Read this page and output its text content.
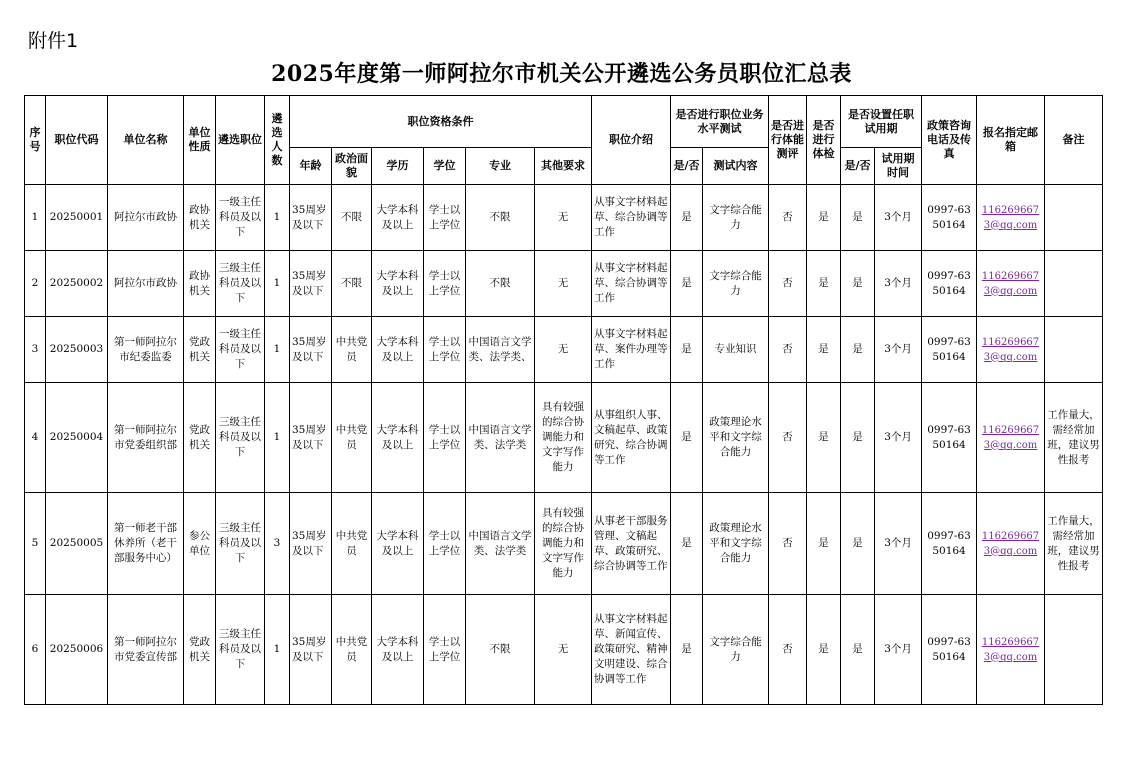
附件1
2025年度第一师阿拉尔市机关公开遴选公务员职位汇总表
序号	职位代码	单位名称	单位性质	遴选职位	遴选人数	职位资格条件						职位介绍	是否进行职位业务水平测试		是否进行体能测评	是否进行体检	是否设置任职试用期		政策咨询电话及传真	报名指定邮箱	备注
						年龄	政治面貌	学历	学位	专业	其他要求		是/否	测试内容			是/否	试用期时间			
1	20250001	阿拉尔市政协	政协机关	一级主任科员及以下	1	35周岁及以下	不限	大学本科及以上	学士以上学位	不限	无	从事文字材料起草、综合协调等工作	是	文字综合能力	否	是	是	3个月	0997-6350164	1162696673@qq.com	
2	20250002	阿拉尔市政协	政协机关	三级主任科员及以下	1	35周岁及以下	不限	大学本科及以上	学士以上学位	不限	无	从事文字材料起草、综合协调等工作	是	文字综合能力	否	是	是	3个月	0997-6350164	1162696673@qq.com	
3	20250003	第一师阿拉尔市纪委监委	党政机关	一级主任科员及以下	1	35周岁及以下	中共党员	大学本科及以上	学士以上学位	中国语言文学类、法学类、	无	从事文字材料起草、案件办理等工作	是	专业知识	否	是	是	3个月	0997-6350164	1162696673@qq.com	
4	20250004	第一师阿拉尔市党委组织部	党政机关	三级主任科员及以下	1	35周岁及以下	中共党员	大学本科及以上	学士以上学位	中国语言文学类、法学类	具有较强的综合协调能力和文字写作能力	从事组织人事、文稿起草、政策研究、综合协调等工作	是	政策理论水平和文字综合能力	否	是	是	3个月	0997-6350164	1162696673@qq.com	工作量大，需经常加班，建议男性报考
5	20250005	第一师老干部休养所（老干部服务中心）	参公单位	三级主任科员及以下	3	35周岁及以下	中共党员	大学本科及以上	学士以上学位	中国语言文学类、法学类	具有较强的综合协调能力和文字写作能力	从事老干部服务管理、文稿起草、政策研究、综合协调等工作	是	政策理论水平和文字综合能力	否	是	是	3个月	0997-6350164	1162696673@qq.com	工作量大，需经常加班，建议男性报考
6	20250006	第一师阿拉尔市党委宣传部	党政机关	三级主任科员及以下	1	35周岁及以下	中共党员	大学本科及以上	学士以上学位	不限	无	从事文字材料起草、新闻宣传、政策研究、精神文明建设、综合协调等工作	是	文字综合能力	否	是	是	3个月	0997-6350164	1162696673@qq.com	
